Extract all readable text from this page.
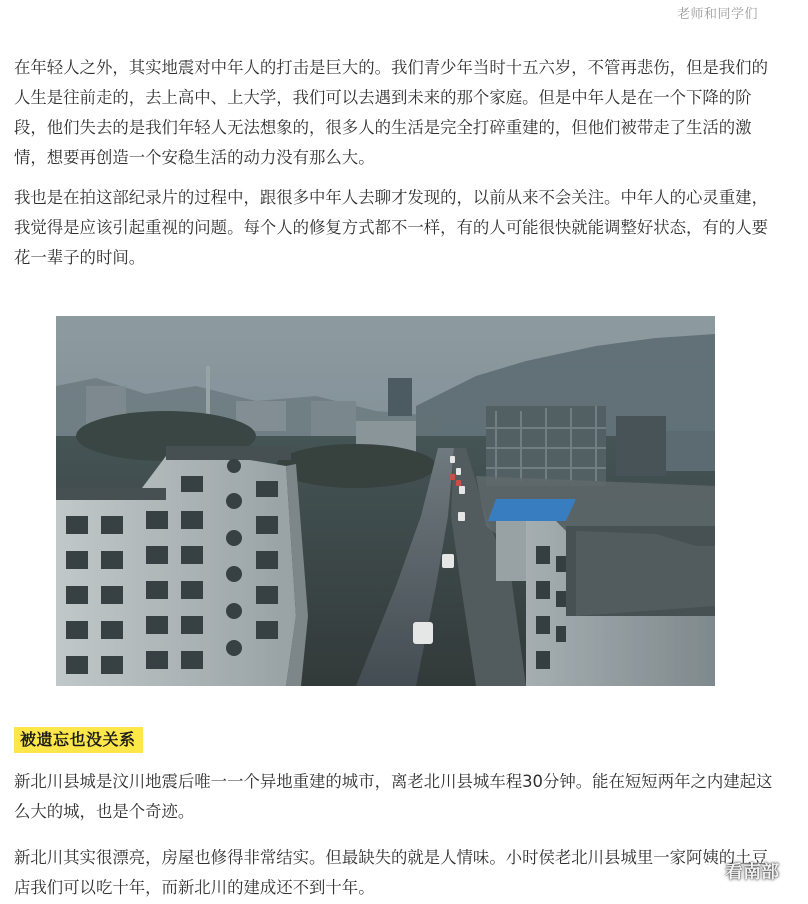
老师和同学们

在年轻人之外，其实地震对中年人的打击是巨大的。我们青少年当时十五六岁，不管再悲伤，但是我们的人生是往前走的，去上高中、上大学，我们可以去遇到未来的那个家庭。但是中年人是在一个下降的阶段，他们失去的是我们年轻人无法想象的，很多人的生活是完全打碎重建的，但他们被带走了生活的激情，想要再创造一个安稳生活的动力没有那么大。

我也是在拍这部纪录片的过程中，跟很多中年人去聊才发现的，以前从来不会关注。中年人的心灵重建，我觉得是应该引起重视的问题。每个人的修复方式都不一样，有的人可能很快就能调整好状态，有的人要花一辈子的时间。

被遗忘也没关系

新北川县城是汶川地震后唯一一个异地重建的城市，离老北川县城车程30分钟。能在短短两年之内建起这么大的城，也是个奇迹。

新北川其实很漂亮，房屋也修得非常结实。但最缺失的就是人情味。小时侯老北川县城里一家阿姨的土豆店我们可以吃十年，而新北川的建成还不到十年。

看南部
